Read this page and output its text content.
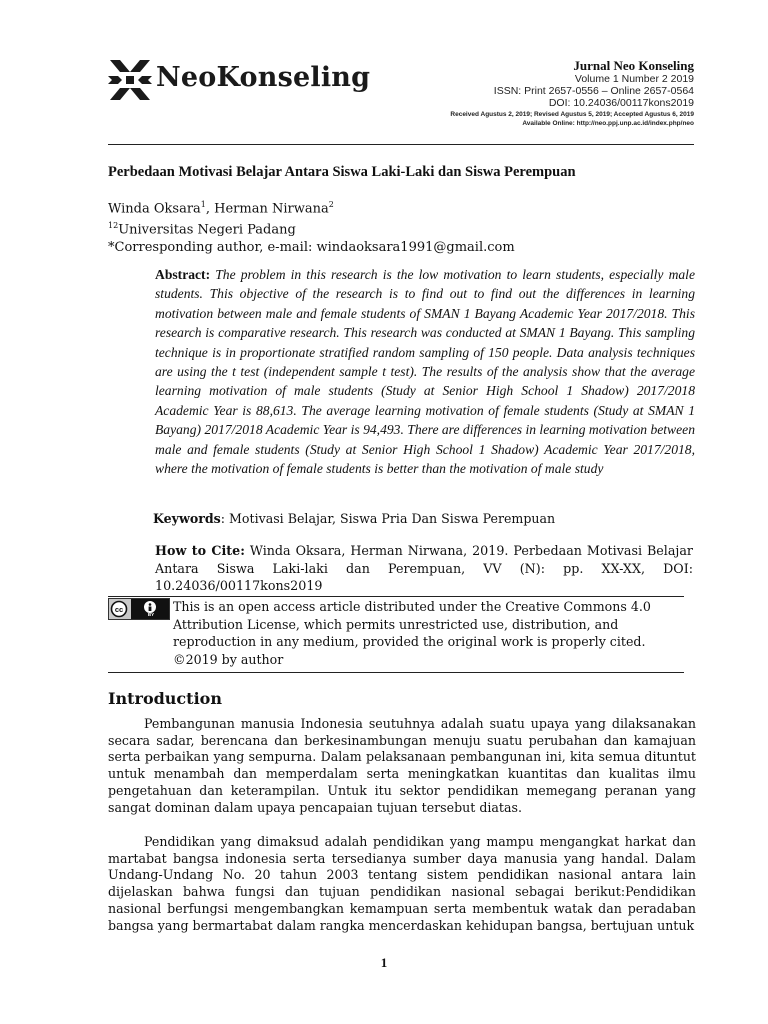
NeoKonseling	Jurnal Neo Konseling
Volume 1 Number 2 2019
ISSN: Print 2657-0556 – Online 2657-0564
DOI: 10.24036/00117kons2019
Received Agustus 2, 2019; Revised Agustus 5, 2019; Accepted Agustus 6, 2019
Available Online: http://neo.ppj.unp.ac.id/index.php/neo
Perbedaan Motivasi Belajar Antara Siswa Laki-Laki dan Siswa Perempuan
Winda Oksara$^1$, Herman Nirwana$^2$
$^{12}$Universitas Negeri Padang
*Corresponding author, e-mail: windaoksara1991@gmail.com
Abstract: The problem in this research is the low motivation to learn students, especially male students. This objective of the research is to find out to find out the differences in learning motivation between male and female students of SMAN 1 Bayang Academic Year 2017/2018. This research is comparative research. This research was conducted at SMAN 1 Bayang. This sampling technique is in proportionate stratified random sampling of 150 people. Data analysis techniques are using the t test (independent sample t test). The results of the analysis show that the average learning motivation of male students (Study at Senior High School 1 Shadow) 2017/2018 Academic Year is 88,613. The average learning motivation of female students (Study at SMAN 1 Bayang) 2017/2018 Academic Year is 94,493. There are differences in learning motivation between male and female students (Study at Senior High School 1 Shadow) Academic Year 2017/2018, where the motivation of female students is better than the motivation of male study
Keywords: Motivasi Belajar, Siswa Pria Dan Siswa Perempuan
How to Cite: Winda Oksara, Herman Nirwana, 2019. Perbedaan Motivasi Belajar Antara Siswa Laki-laki dan Perempuan, VV (N): pp. XX-XX, DOI: 10.24036/00117kons2019
cc
BY
This is an open access article distributed under the Creative Commons 4.0
Attribution License, which permits unrestricted use, distribution, and
reproduction in any medium, provided the original work is properly cited.
©2019 by author
Introduction
Pembangunan manusia Indonesia seutuhnya adalah suatu upaya yang dilaksanakan secara sadar, berencana dan berkesinambungan menuju suatu perubahan dan kamajuan serta perbaikan yang sempurna. Dalam pelaksanaan pembangunan ini, kita semua dituntut untuk menambah dan memperdalam serta meningkatkan kuantitas dan kualitas ilmu pengetahuan dan keterampilan. Untuk itu sektor pendidikan memegang peranan yang sangat dominan dalam upaya pencapaian tujuan tersebut diatas.
Pendidikan yang dimaksud adalah pendidikan yang mampu mengangkat harkat dan martabat bangsa indonesia serta tersedianya sumber daya manusia yang handal. Dalam Undang-Undang No. 20 tahun 2003 tentang sistem pendidikan nasional antara lain dijelaskan bahwa fungsi dan tujuan pendidikan nasional sebagai berikut:Pendidikan nasional berfungsi mengembangkan kemampuan serta membentuk watak dan peradaban bangsa yang bermartabat dalam rangka mencerdaskan kehidupan bangsa, bertujuan untuk
1
